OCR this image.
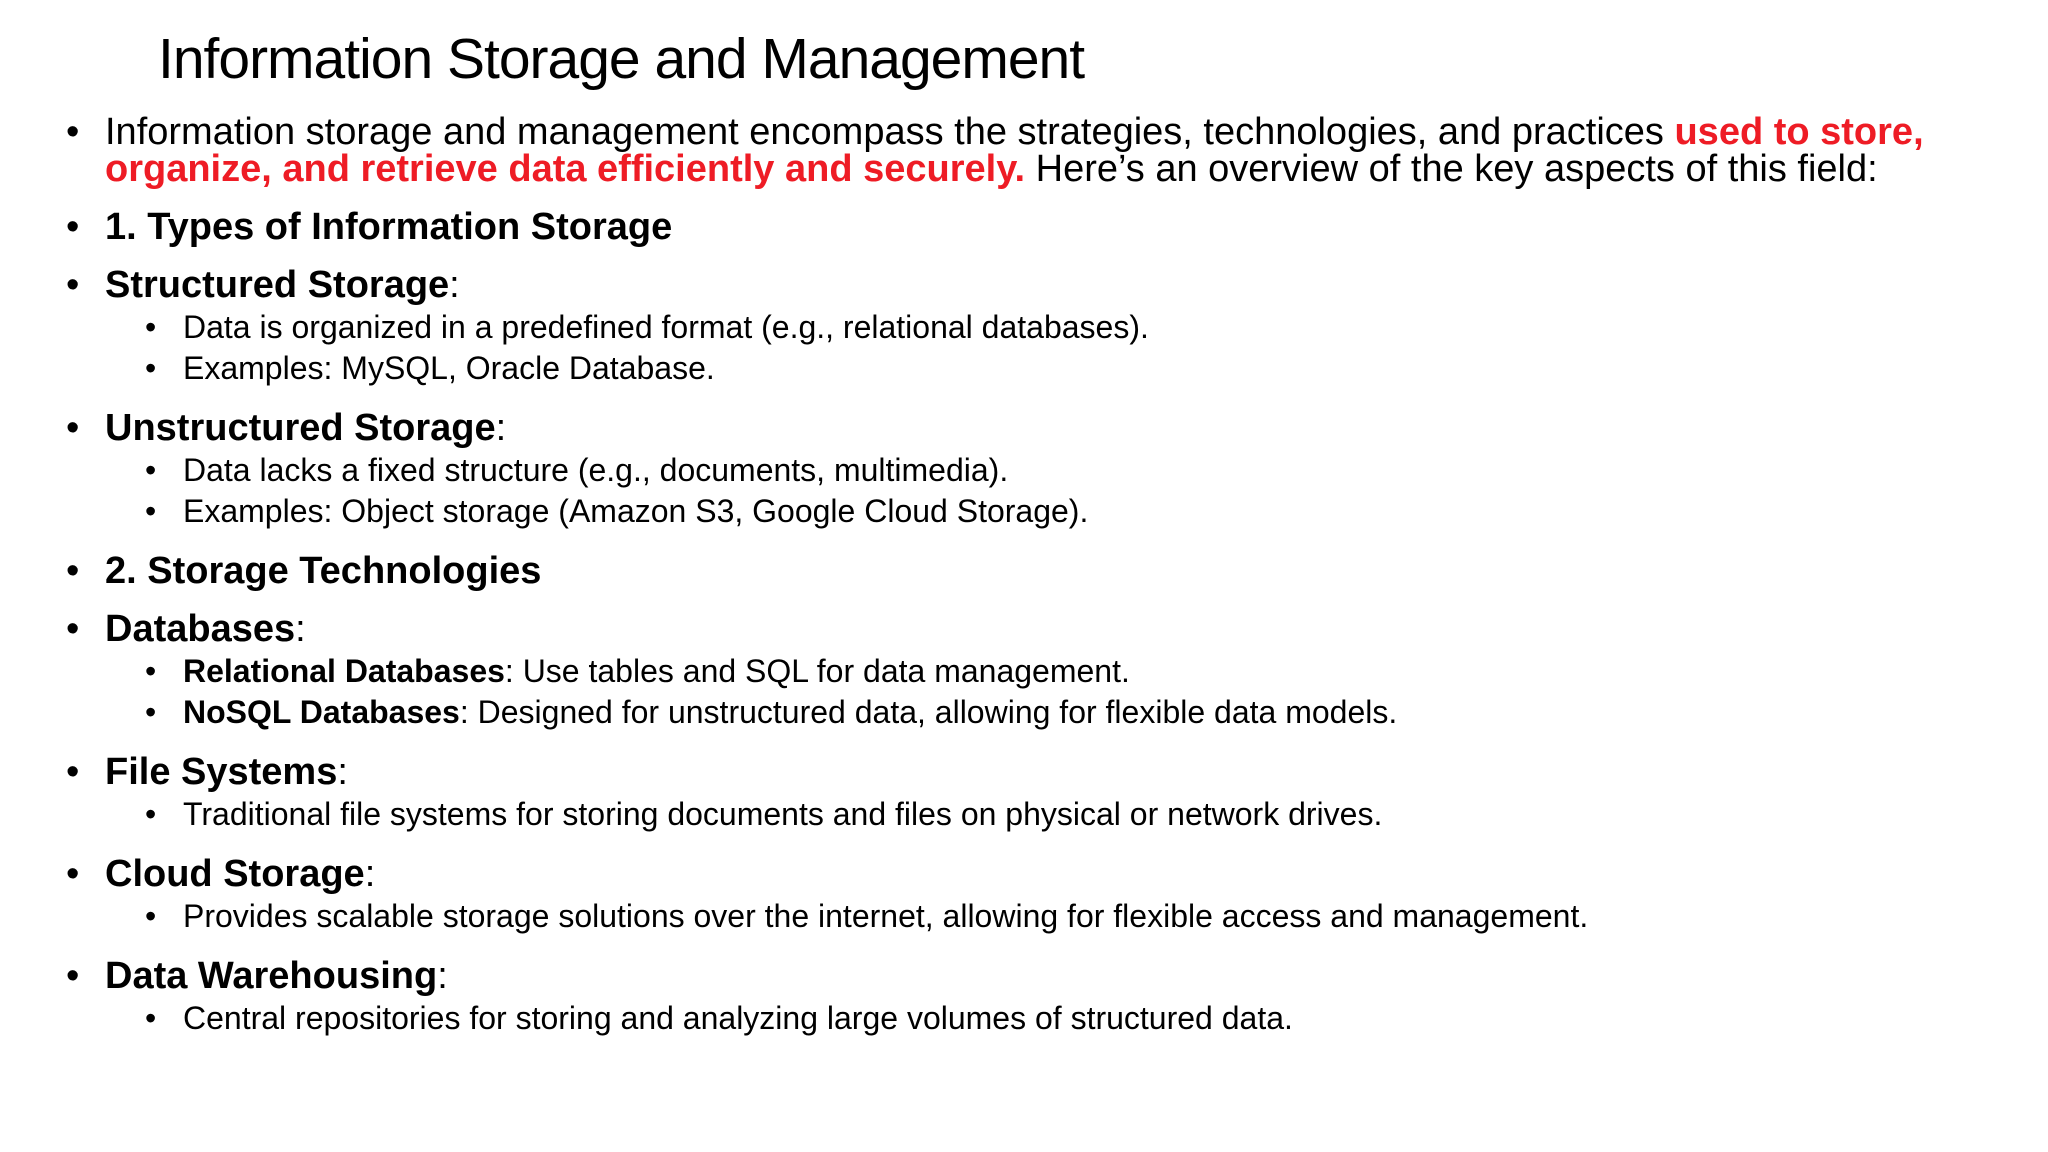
Information Storage and Management
• Information storage and management encompass the strategies, technologies, and practices used to store, organize, and retrieve data efficiently and securely. Here’s an overview of the key aspects of this field:
• 1. Types of Information Storage
• Structured Storage:
• Data is organized in a predefined format (e.g., relational databases).
• Examples: MySQL, Oracle Database.
• Unstructured Storage:
• Data lacks a fixed structure (e.g., documents, multimedia).
• Examples: Object storage (Amazon S3, Google Cloud Storage).
• 2. Storage Technologies
• Databases:
• Relational Databases: Use tables and SQL for data management.
• NoSQL Databases: Designed for unstructured data, allowing for flexible data models.
• File Systems:
• Traditional file systems for storing documents and files on physical or network drives.
• Cloud Storage:
• Provides scalable storage solutions over the internet, allowing for flexible access and management.
• Data Warehousing:
• Central repositories for storing and analyzing large volumes of structured data.
